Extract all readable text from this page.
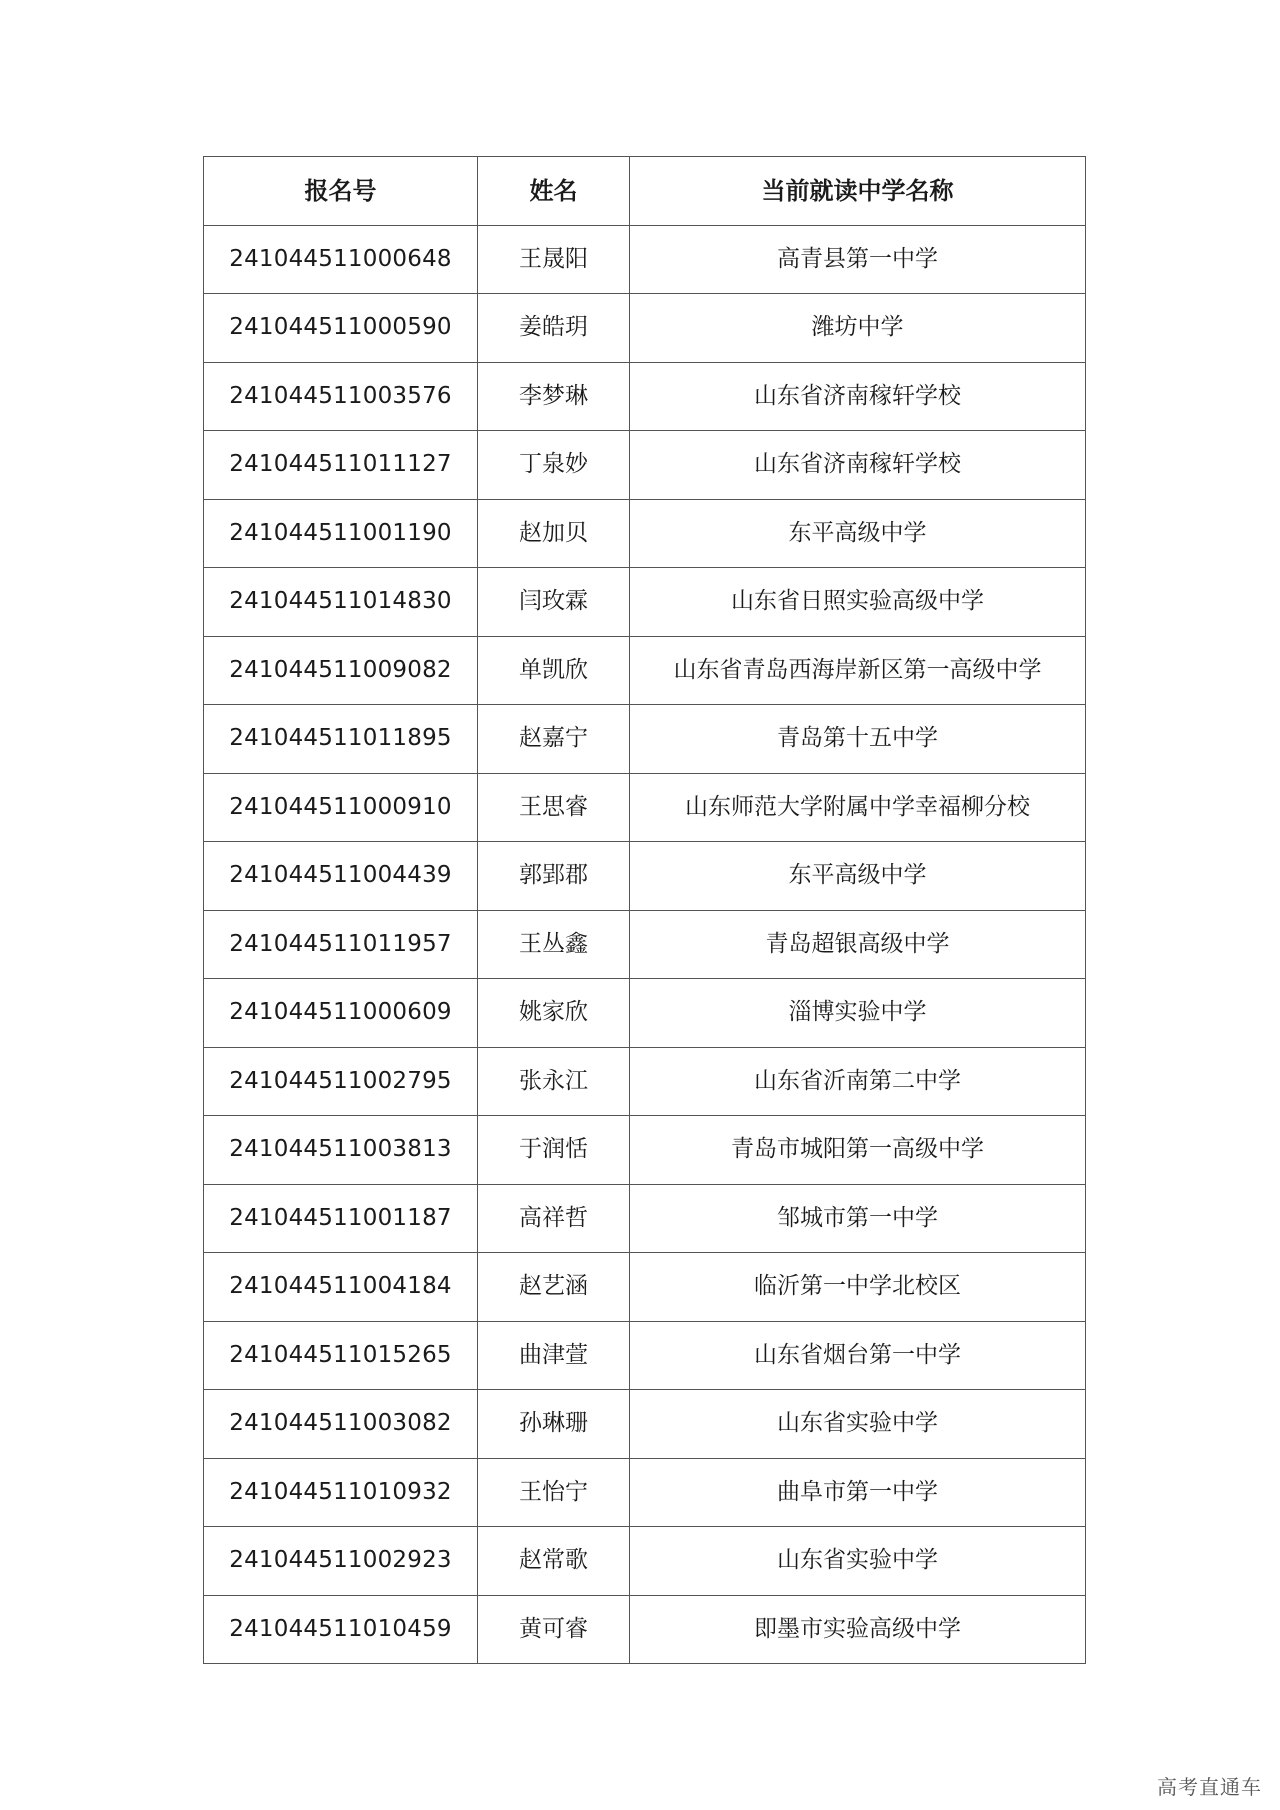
报名号	姓名	当前就读中学名称
241044511000648	王晟阳	高青县第一中学
241044511000590	姜皓玥	潍坊中学
241044511003576	李梦琳	山东省济南稼轩学校
241044511011127	丁泉妙	山东省济南稼轩学校
241044511001190	赵加贝	东平高级中学
241044511014830	闫玫霖	山东省日照实验高级中学
241044511009082	单凯欣	山东省青岛西海岸新区第一高级中学
241044511011895	赵嘉宁	青岛第十五中学
241044511000910	王思睿	山东师范大学附属中学幸福柳分校
241044511004439	郭郢郡	东平高级中学
241044511011957	王丛鑫	青岛超银高级中学
241044511000609	姚家欣	淄博实验中学
241044511002795	张永江	山东省沂南第二中学
241044511003813	于润恬	青岛市城阳第一高级中学
241044511001187	高祥哲	邹城市第一中学
241044511004184	赵艺涵	临沂第一中学北校区
241044511015265	曲津萱	山东省烟台第一中学
241044511003082	孙琳珊	山东省实验中学
241044511010932	王怡宁	曲阜市第一中学
241044511002923	赵常歌	山东省实验中学
241044511010459	黄可睿	即墨市实验高级中学
高考直通车
